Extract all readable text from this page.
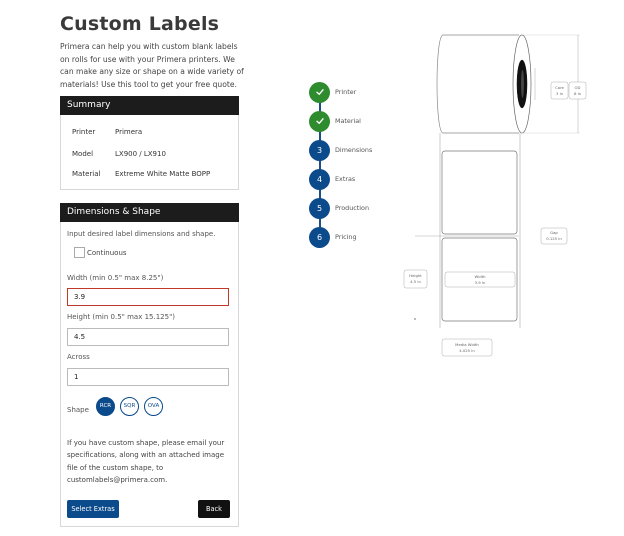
Custom Labels
Primera can help you with custom blank labels on rolls for use with your Primera printers. We can make any size or shape on a wide variety of materials! Use this tool to get your free quote.
Summary
Printer	Primera
Model	LX900 / LX910
Material Extreme White Matte BOPP
Dimensions & Shape
Input desired label dimensions and shape.
Continuous
Width (min 0.5" max 8.25")
3.9
Height (min 0.5" max 15.125")
4.5
Across
1
Shape	RCR	SQR	OVA
If you have custom shape, please email your specifications, along with an attached image file of the custom shape, to customlabels@primera.com.
Select Extras	Back
Printer
Material
3	Dimensions
4	Extras
5	Production
6	Pricing
Core
3 in
OD
6 in
Gap
0.125 in
Height
4.5 in
Width
3.9 in
Media Width
4.025 in
